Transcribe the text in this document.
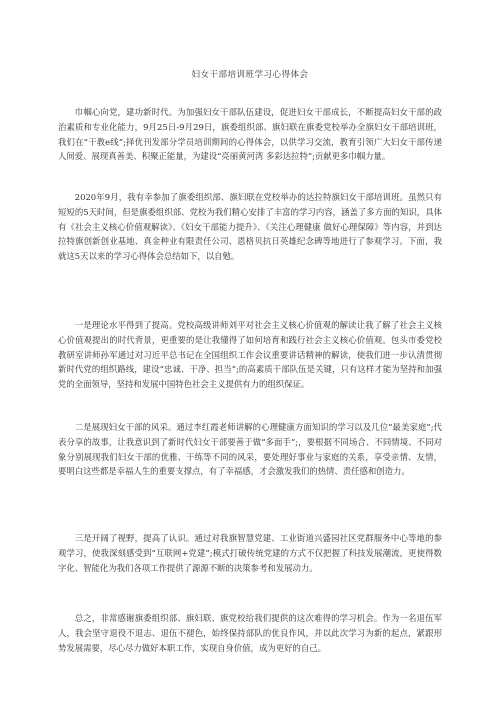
妇女干部培训班学习心得体会

巾帼心向党，建功新时代。为加强妇女干部队伍建设，促进妇女干部成长，不断提高妇女干部的政治素质和专业化能力，9月25日-9月29日，旗委组织部、旗妇联在旗委党校举办全旗妇女干部培训班，我们在“干教e线”;择优刊发部分学员培训期间的心得体会，以供学习交流，教育引领广大妇女干部传递人间爱、展现真善美、积聚正能量，为建设“亮丽黄河湾 多彩达拉特”;贡献更多巾帼力量。

2020年9月，我有幸参加了旗委组织部、旗妇联在党校举办的达拉特旗妇女干部培训班。虽然只有短短的5天时间，但是旗委组织部、党校为我们精心安排了丰富的学习内容，涵盖了多方面的知识，具体有《社会主义核心价值观解读》、《妇女干部能力提升》、《关注心理健康 做好心理保障》等内容，并到达拉特旗创新创业基地、真金种业有限责任公司、恩格贝抗日英雄纪念碑等地进行了参观学习。下面，我就这5天以来的学习心得体会总结如下，以自勉。

一是理论水平得到了提高。党校高级讲师刘平对社会主义核心价值观的解读让我了解了社会主义核心价值观提出的时代背景，更重要的是让我懂得了如何培育和践行社会主义核心价值观。包头市委党校教研室讲师孙军通过对习近平总书记在全国组织工作会议重要讲话精神的解读，使我们进一步认清贯彻新时代党的组织路线，建设“忠诚、干净、担当”;的高素质干部队伍是关键，只有这样才能为坚持和加强党的全面领导，坚持和发展中国特色社会主义提供有力的组织保证。

二是展现妇女干部的风采。通过李红霞老师讲解的心理健康方面知识的学习以及几位“最美家庭”;代表分享的故事，让我意识到了新时代妇女干部要善于做“多面手”;，要根据不同场合、不同情境、不同对象分别展现我们妇女干部的优雅、干练等不同的风采，要处理好事业与家庭的关系，享受亲情、友情，要明白这些都是幸福人生的重要支撑点，有了幸福感，才会激发我们的热情、责任感和创造力。

三是开阔了视野，提高了认识。通过对我旗智慧党建、工业街道兴盛园社区党群服务中心等地的参观学习，使我深刻感受到“互联网+党建”;模式打破传统党建的方式不仅把握了科技发展潮流，更使得数字化、智能化为我们各项工作提供了源源不断的决策参考和发展动力。

总之，非常感谢旗委组织部、旗妇联、旗党校给我们提供的这次难得的学习机会。作为一名退伍军人，我会坚守退役不退志、退伍不褪色，始终保持部队的优良作风，并以此次学习为新的起点，紧跟形势发展需要，尽心尽力做好本职工作，实现自身价值，成为更好的自己。
